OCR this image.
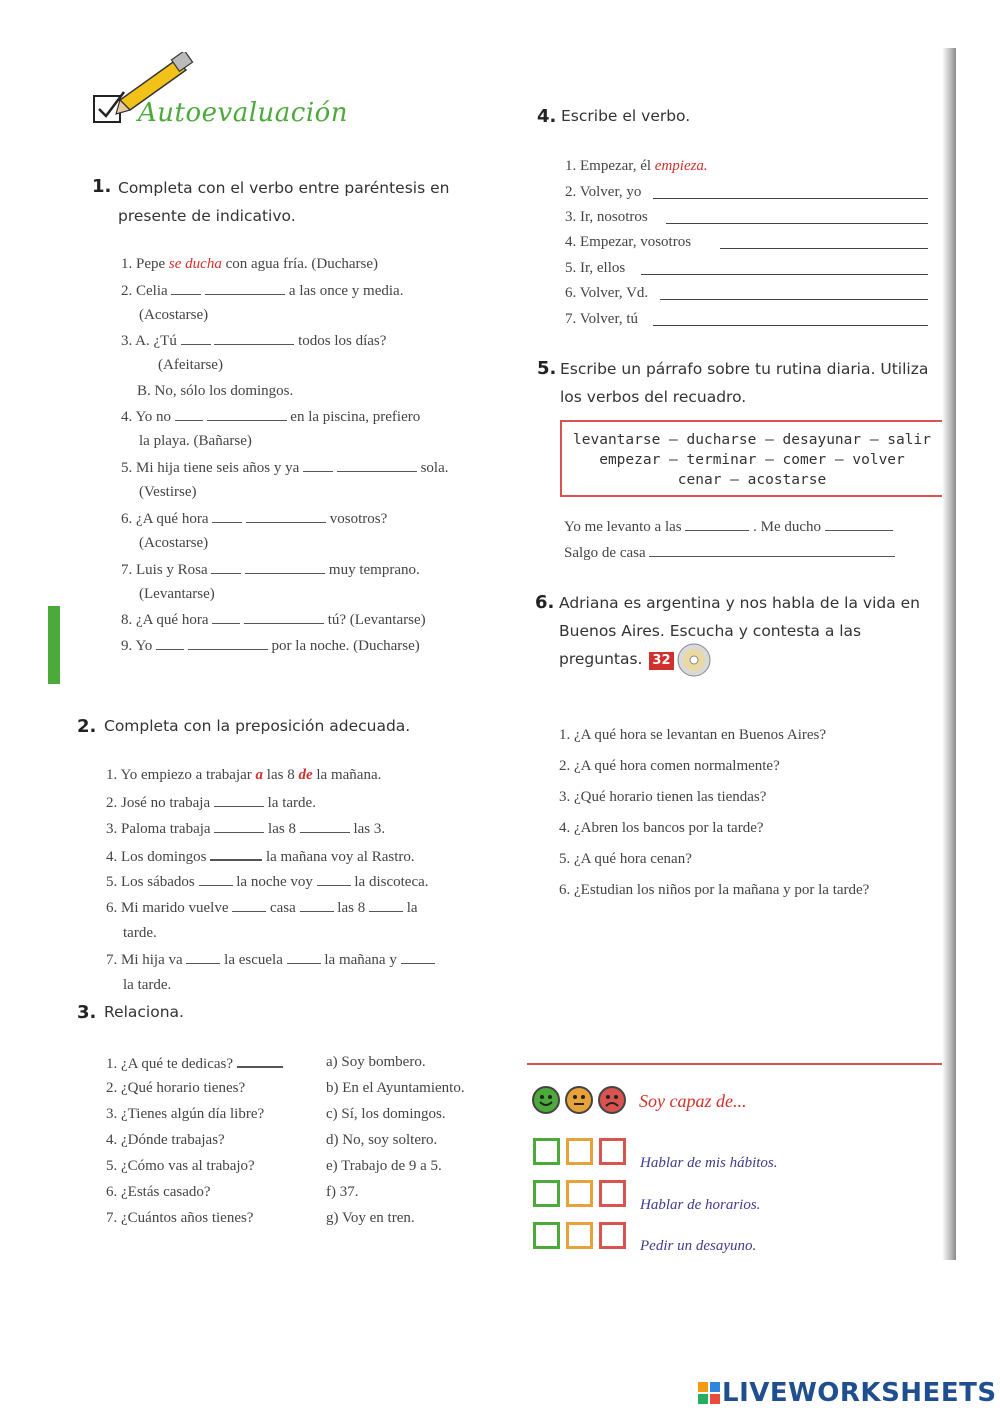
Autoevaluación
1. Completa con el verbo entre paréntesis en presente de indicativo.
1. Pepe se ducha con agua fría. (Ducharse)
2. Celia	a las once y media.
(Acostarse)
3. A. ¿Tú	todos los días?
(Afeitarse)
B. No, sólo los domingos.
4. Yo no	en la piscina, prefiero
la playa. (Bañarse)
5. Mi hija tiene seis años y ya	sola.
(Vestirse)
6. ¿A qué hora	vosotros?
(Acostarse)
7. Luis y Rosa	muy temprano.
(Levantarse)
8. ¿A qué hora	tú? (Levantarse)
9. Yo	por la noche. (Ducharse)
2. Completa con la preposición adecuada.
1. Yo empiezo a trabajar a las 8 de la mañana.
2. José no trabaja	la tarde.
3. Paloma trabaja	las 8	las 3.
4. Los domingos	la mañana voy al Rastro.
5. Los sábados	la noche voy	la discoteca.
6. Mi marido vuelve	casa	las 8	la
tarde.
7. Mi hija va	la escuela	la mañana y
la tarde.
3. Relaciona.
1. ¿A qué te dedicas?
2. ¿Qué horario tienes?
3. ¿Tienes algún día libre?
4. ¿Dónde trabajas?
5. ¿Cómo vas al trabajo?
6. ¿Estás casado?
7. ¿Cuántos años tienes?
a) Soy bombero.
b) En el Ayuntamiento.
c) Sí, los domingos.
d) No, soy soltero.
e) Trabajo de 9 a 5.
f) 37.
g) Voy en tren.
4. Escribe el verbo.
1. Empezar, él empieza.
2. Volver, yo
3. Ir, nosotros
4. Empezar, vosotros
5. Ir, ellos
6. Volver, Vd.
7. Volver, tú
5. Escribe un párrafo sobre tu rutina diaria. Utiliza los verbos del recuadro.
levantarse – ducharse – desayunar – salir
empezar – terminar – comer – volver
cenar – acostarse
Yo me levanto a las	. Me ducho
Salgo de casa
6. Adriana es argentina y nos habla de la vida en Buenos Aires. Escucha y contesta a las preguntas. 32
1. ¿A qué hora se levantan en Buenos Aires?
2. ¿A qué hora comen normalmente?
3. ¿Qué horario tienen las tiendas?
4. ¿Abren los bancos por la tarde?
5. ¿A qué hora cenan?
6. ¿Estudian los niños por la mañana y por la tarde?
Soy capaz de...
Hablar de mis hábitos.
Hablar de horarios.
Pedir un desayuno.
LIVEWORKSHEETS
